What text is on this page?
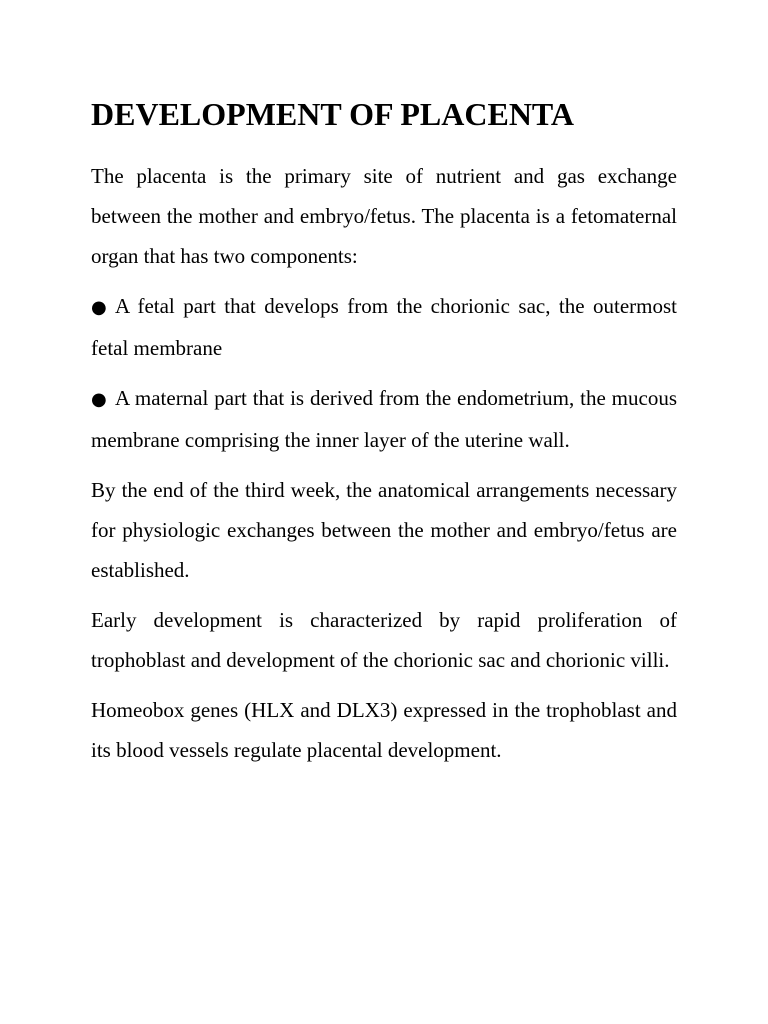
DEVELOPMENT OF PLACENTA

The placenta is the primary site of nutrient and gas exchange between the mother and embryo/fetus. The placenta is a fetomaternal organ that has two components:

● A fetal part that develops from the chorionic sac, the outermost fetal membrane

● A maternal part that is derived from the endometrium, the mucous membrane comprising the inner layer of the uterine wall.

By the end of the third week, the anatomical arrangements necessary for physiologic exchanges between the mother and embryo/fetus are established.

Early development is characterized by rapid proliferation of trophoblast and development of the chorionic sac and chorionic villi.

Homeobox genes (HLX and DLX3) expressed in the trophoblast and its blood vessels regulate placental development.
